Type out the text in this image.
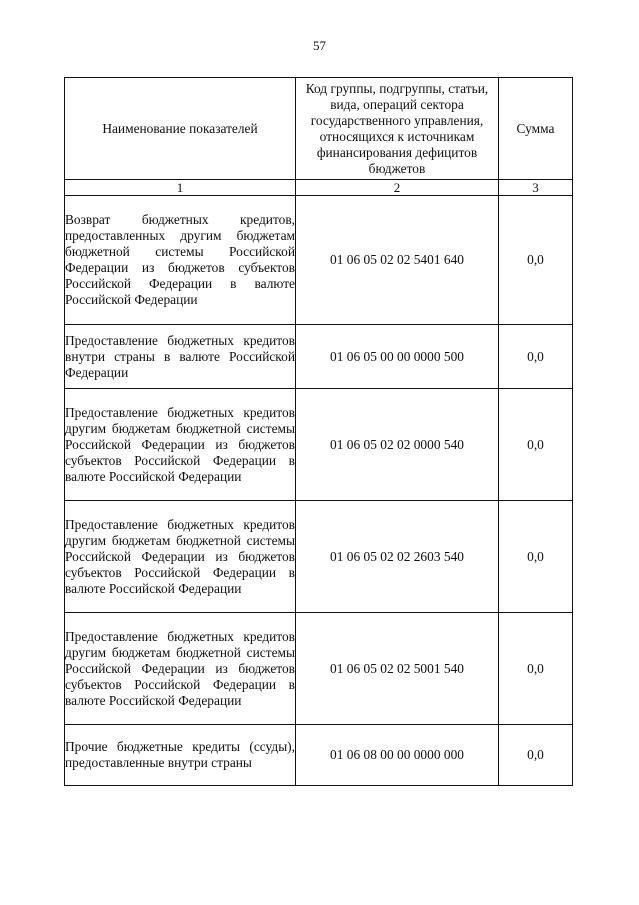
57
Наименование показателей	Код группы, подгруппы, статьи, вида, операций сектора государственного управления, относящихся к источникам финансирования дефицитов бюджетов	Сумма
1	2	3
Возврат бюджетных кредитов, предоставленных другим бюджетам бюджетной системы Российской Федерации из бюджетов субъектов Российской Федерации в валюте Российской Федерации	01 06 05 02 02 5401 640	0,0
Предоставление бюджетных кредитов внутри страны в валюте Российской Федерации	01 06 05 00 00 0000 500	0,0
Предоставление бюджетных кредитов другим бюджетам бюджетной системы Российской Федерации из бюджетов субъектов Российской Федерации в валюте Российской Федерации	01 06 05 02 02 0000 540	0,0
Предоставление бюджетных кредитов другим бюджетам бюджетной системы Российской Федерации из бюджетов субъектов Российской Федерации в валюте Российской Федерации	01 06 05 02 02 2603 540	0,0
Предоставление бюджетных кредитов другим бюджетам бюджетной системы Российской Федерации из бюджетов субъектов Российской Федерации в валюте Российской Федерации	01 06 05 02 02 5001 540	0,0
Прочие бюджетные кредиты (ссуды), предоставленные внутри страны	01 06 08 00 00 0000 000	0,0
